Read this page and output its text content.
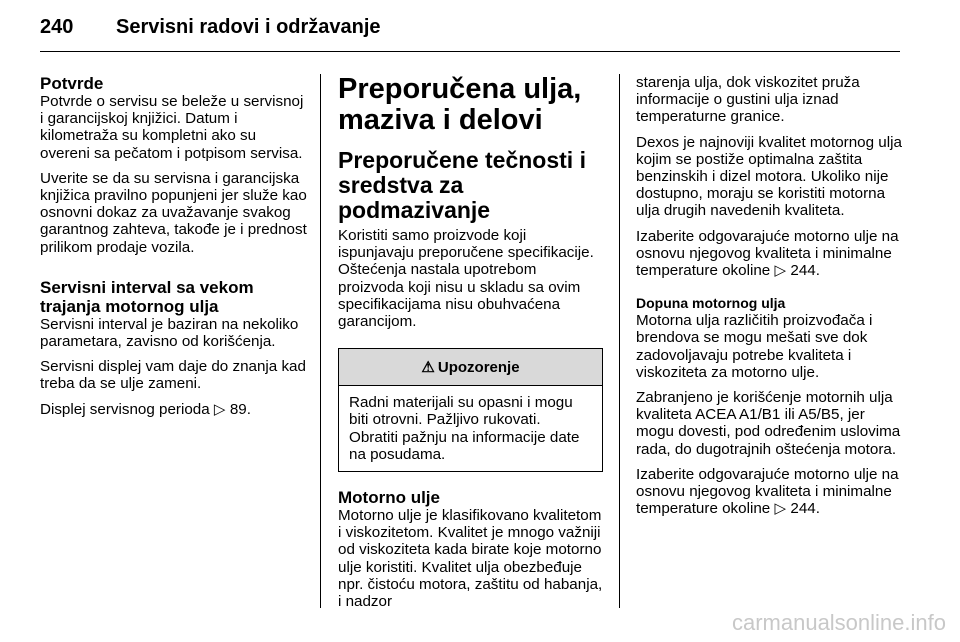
240 Servisni radovi i održavanje
Potvrde

Potvrde o servisu se beleže u servisnoj i garancijskoj knjižici. Datum i kilometraža su kompletni ako su overeni sa pečatom i potpisom servisa.

Uverite se da su servisna i garancijska knjižica pravilno popunjeni jer služe kao osnovni dokaz za uvažavanje svakog garantnog zahteva, takođe je i prednost prilikom prodaje vozila.

Servisni interval sa vekom trajanja motornog ulja

Servisni interval je baziran na nekoliko parametara, zavisno od korišćenja.

Servisni displej vam daje do znanja kad treba da se ulje zameni.

Displej servisnog perioda ▷ 89.

Preporučena ulja, maziva i delovi
Preporučene tečnosti i sredstva za podmazivanje

Koristiti samo proizvode koji ispunjavaju preporučene specifikacije. Oštećenja nastala upotrebom proizvoda koji nisu u skladu sa ovim specifikacijama nisu obuhvaćena garancijom.

⚠ Upozorenje

Radni materijali su opasni i mogu biti otrovni. Pažljivo rukovati. Obratiti pažnju na informacije date na posudama.

Motorno ulje

Motorno ulje je klasifikovano kvalitetom i viskozitetom. Kvalitet je mnogo važniji od viskoziteta kada birate koje motorno ulje koristiti. Kvalitet ulja obezbeđuje npr. čistoću motora, zaštitu od habanja, i nadzor

starenja ulja, dok viskozitet pruža informacije o gustini ulja iznad temperaturne granice.

Dexos je najnoviji kvalitet motornog ulja kojim se postiže optimalna zaštita benzinskih i dizel motora. Ukoliko nije dostupno, moraju se koristiti motorna ulja drugih navedenih kvaliteta.

Izaberite odgovarajuće motorno ulje na osnovu njegovog kvaliteta i minimalne temperature okoline ▷ 244.

Dopuna motornog ulja

Motorna ulja različitih proizvođača i brendova se mogu mešati sve dok zadovoljavaju potrebe kvaliteta i viskoziteta za motorno ulje.

Zabranjeno je korišćenje motornih ulja kvaliteta ACEA A1/B1 ili A5/B5, jer mogu dovesti, pod određenim uslovima rada, do dugotrajnih oštećenja motora.

Izaberite odgovarajuće motorno ulje na osnovu njegovog kvaliteta i minimalne temperature okoline ▷ 244.

carmanualsonline.info
